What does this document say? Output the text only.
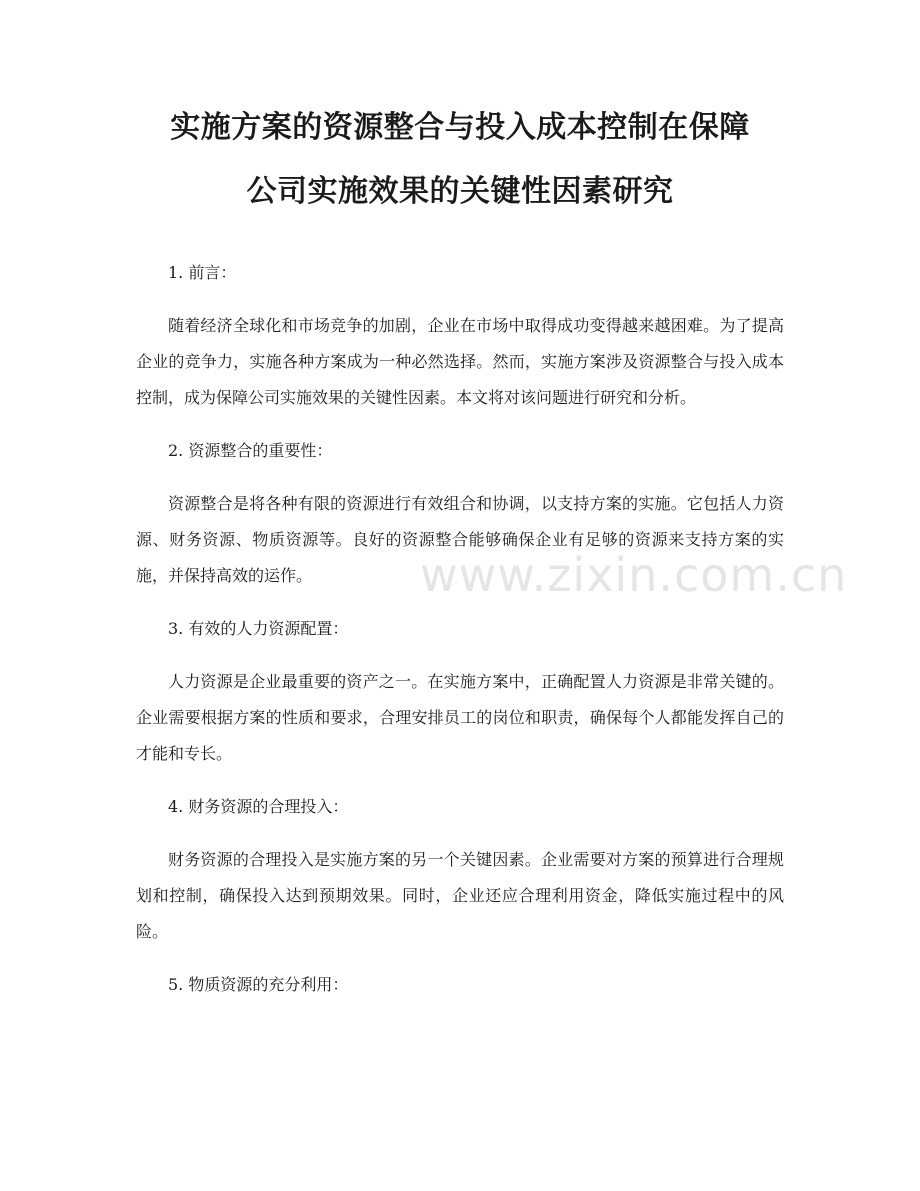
实施方案的资源整合与投入成本控制在保障
公司实施效果的关键性因素研究
1. 前言：

随着经济全球化和市场竞争的加剧，企业在市场中取得成功变得越来越困难。为了提高企业的竞争力，实施各种方案成为一种必然选择。然而，实施方案涉及资源整合与投入成本控制，成为保障公司实施效果的关键性因素。本文将对该问题进行研究和分析。

2. 资源整合的重要性：

资源整合是将各种有限的资源进行有效组合和协调，以支持方案的实施。它包括人力资源、财务资源、物质资源等。良好的资源整合能够确保企业有足够的资源来支持方案的实施，并保持高效的运作。

3. 有效的人力资源配置：

人力资源是企业最重要的资产之一。在实施方案中，正确配置人力资源是非常关键的。企业需要根据方案的性质和要求，合理安排员工的岗位和职责，确保每个人都能发挥自己的才能和专长。

4. 财务资源的合理投入：

财务资源的合理投入是实施方案的另一个关键因素。企业需要对方案的预算进行合理规划和控制，确保投入达到预期效果。同时，企业还应合理利用资金，降低实施过程中的风险。

5. 物质资源的充分利用：
www.zixin.com.cn
